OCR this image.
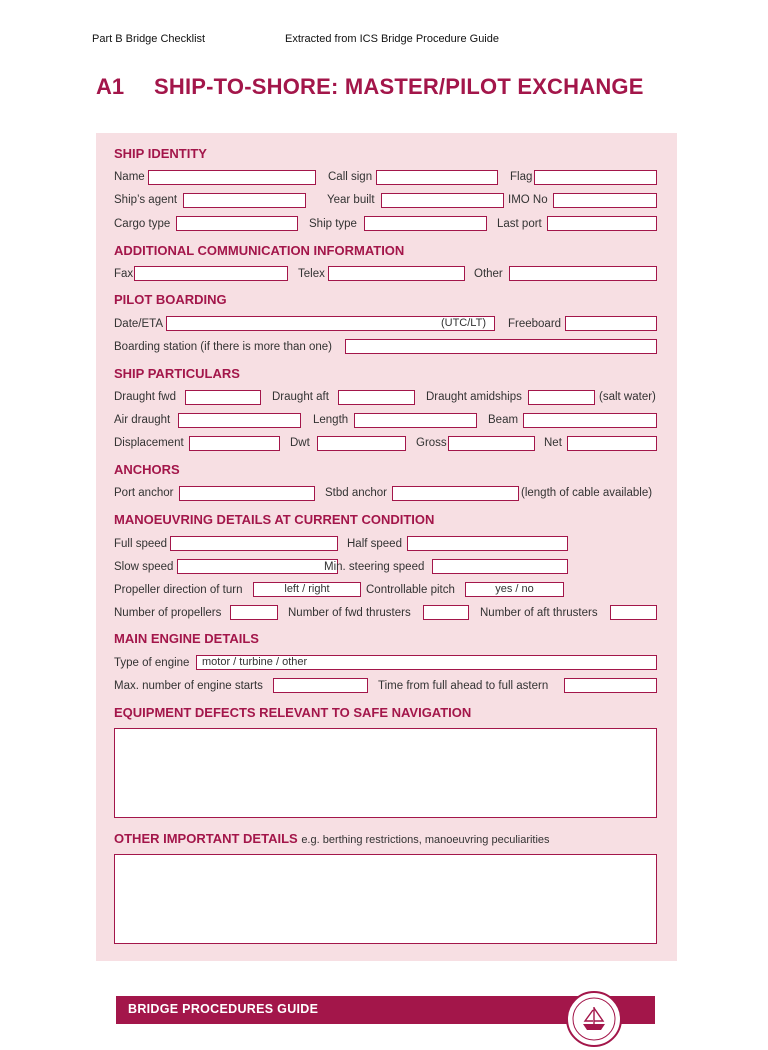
Part B Bridge Checklist	Extracted from ICS Bridge Procedure Guide
A1 SHIP-TO-SHORE: MASTER/PILOT EXCHANGE
SHIP IDENTITY
Name	Call sign	Flag
Ship’s agent	Year built	IMO No
Cargo type	Ship type	Last port
ADDITIONAL COMMUNICATION INFORMATION
Fax	Telex	Other
PILOT BOARDING
Date/ETA	(UTC/LT)	Freeboard
Boarding station (if there is more than one)
SHIP PARTICULARS
Draught fwd	Draught aft	Draught amidships	(salt water)
Air draught	Length	Beam
Displacement	Dwt	Gross	Net
ANCHORS
Port anchor	Stbd anchor	(length of cable available)
MANOEUVRING DETAILS AT CURRENT CONDITION
Full speed	Half speed
Slow speed	Min. steering speed
Propeller direction of turn	left / right	Controllable pitch	yes / no
Number of propellers	Number of fwd thrusters	Number of aft thrusters
MAIN ENGINE DETAILS
Type of engine	motor / turbine / other
Max. number of engine starts	Time from full ahead to full astern
EQUIPMENT DEFECTS RELEVANT TO SAFE NAVIGATION
OTHER IMPORTANT DETAILS e.g. berthing restrictions, manoeuvring peculiarities
BRIDGE PROCEDURES GUIDE
